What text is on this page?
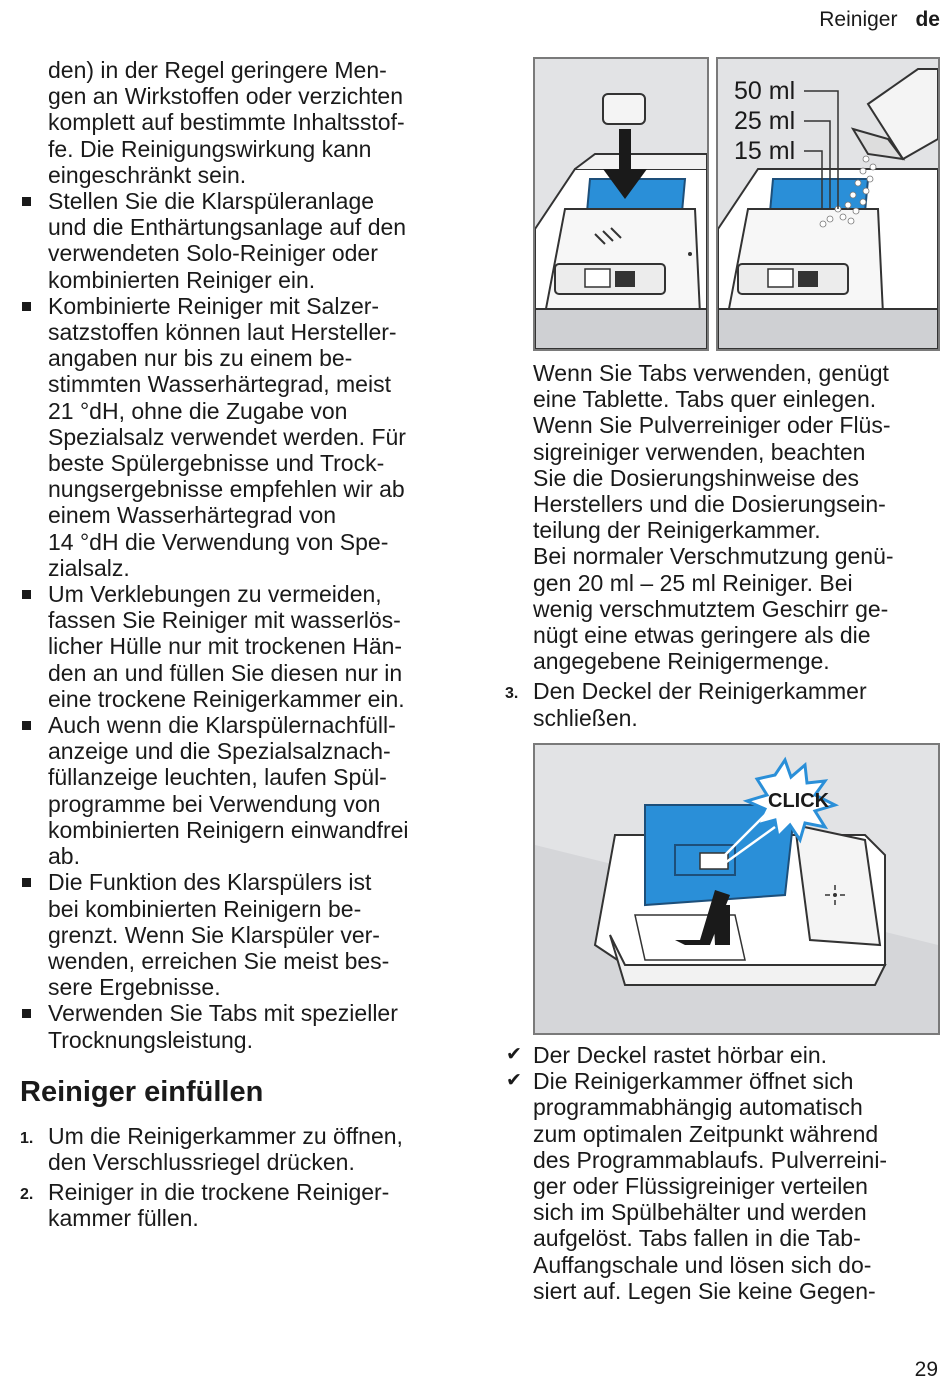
Reiniger de

den) in der Regel geringere Men-

gen an Wirkstoffen oder verzichten

komplett auf bestimmte Inhaltsstof-

fe. Die Reinigungswirkung kann

eingeschränkt sein.

Stellen Sie die Klarspüleranlage

und die Enthärtungsanlage auf den

verwendeten Solo-Reiniger oder

kombinierten Reiniger ein.

Kombinierte Reiniger mit Salzer-

satzstoffen können laut Hersteller-

angaben nur bis zu einem be-

stimmten Wasserhärtegrad, meist

21 °dH, ohne die Zugabe von

Spezialsalz verwendet werden. Für

beste Spülergebnisse und Trock-

nungsergebnisse empfehlen wir ab

einem Wasserhärtegrad von

14 °dH die Verwendung von Spe-

zialsalz.

Um Verklebungen zu vermeiden,

fassen Sie Reiniger mit wasserlös-

licher Hülle nur mit trockenen Hän-

den an und füllen Sie diesen nur in

eine trockene Reinigerkammer ein.

Auch wenn die Klarspülernachfüll-

anzeige und die Spezialsalznach-

füllanzeige leuchten, laufen Spül-

programme bei Verwendung von

kombinierten Reinigern einwandfrei

ab.

Die Funktion des Klarspülers ist

bei kombinierten Reinigern be-

grenzt. Wenn Sie Klarspüler ver-

wenden, erreichen Sie meist bes-

sere Ergebnisse.

Verwenden Sie Tabs mit spezieller

Trocknungsleistung.

Reiniger einfüllen
1. Um die Reinigerkammer zu öffnen,

den Verschlussriegel drücken.

2. Reiniger in die trockene Reiniger-

kammer füllen.

50 ml
25 ml
15 ml

Wenn Sie Tabs verwenden, genügt

eine Tablette. Tabs quer einlegen.

Wenn Sie Pulverreiniger oder Flüs-

sigreiniger verwenden, beachten

Sie die Dosierungshinweise des

Herstellers und die Dosierungsein-

teilung der Reinigerkammer.

Bei normaler Verschmutzung genü-

gen 20 ml – 25 ml Reiniger. Bei

wenig verschmutztem Geschirr ge-

nügt eine etwas geringere als die

angegebene Reinigermenge.

3. Den Deckel der Reinigerkammer

schließen.

CLICK
✔ Der Deckel rastet hörbar ein.

✔ Die Reinigerkammer öffnet sich

programmabhängig automatisch

zum optimalen Zeitpunkt während

des Programmablaufs. Pulverreini-

ger oder Flüssigreiniger verteilen

sich im Spülbehälter und werden

aufgelöst. Tabs fallen in die Tab-

Auffangschale und lösen sich do-

siert auf. Legen Sie keine Gegen-

29
